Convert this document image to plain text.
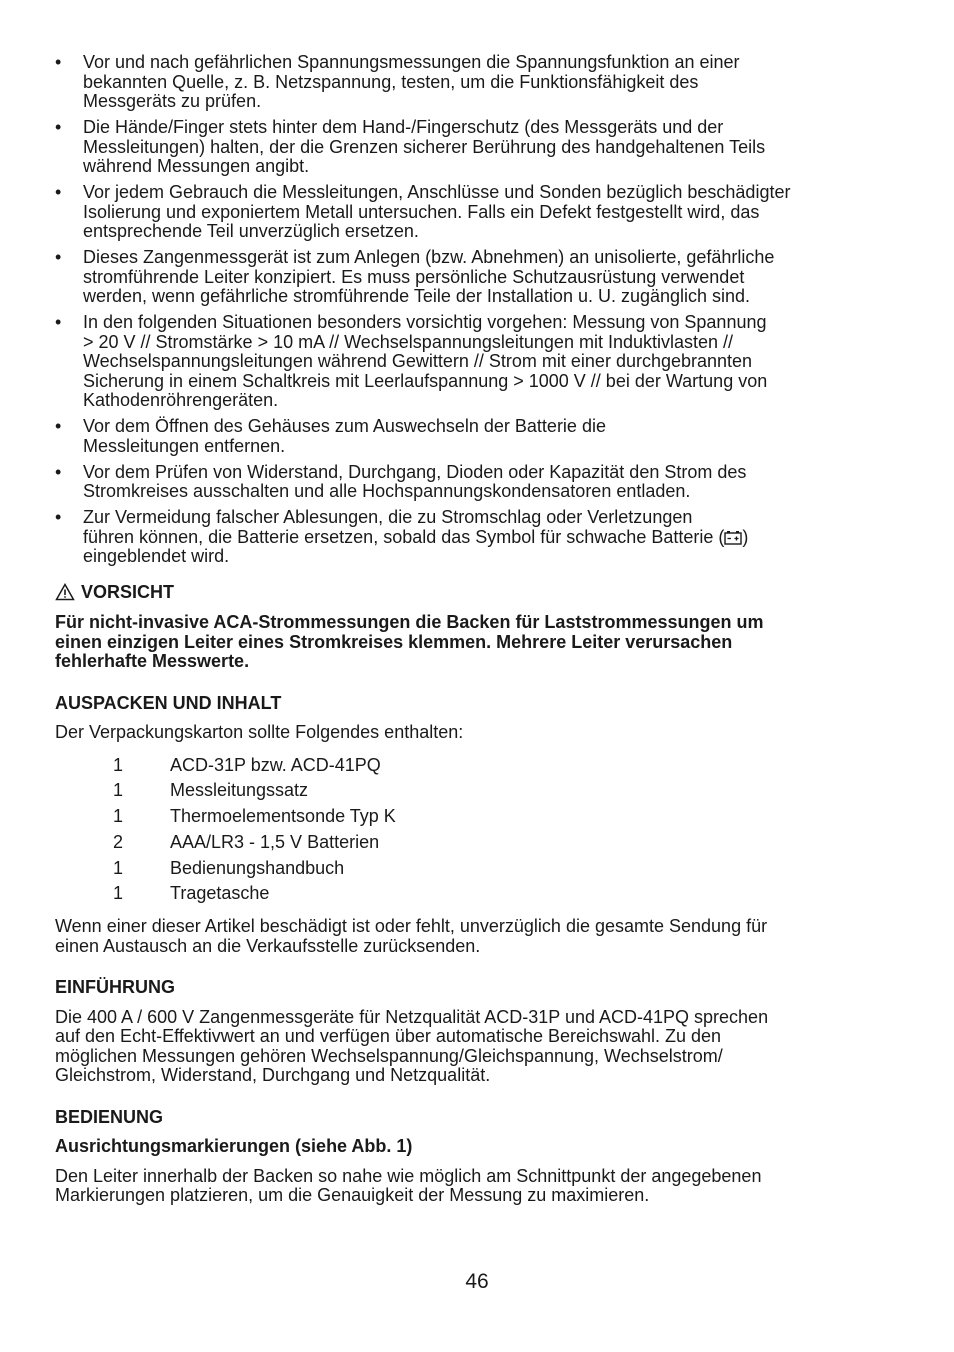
• Vor und nach gefährlichen Spannungsmessungen die Spannungsfunktion an einer
bekannten Quelle, z. B. Netzspannung, testen, um die Funktionsfähigkeit des
Messgeräts zu prüfen.
• Die Hände/Finger stets hinter dem Hand-/Fingerschutz (des Messgeräts und der
Messleitungen) halten, der die Grenzen sicherer Berührung des handgehaltenen Teils
während Messungen angibt.
• Vor jedem Gebrauch die Messleitungen, Anschlüsse und Sonden bezüglich beschädigter
Isolierung und exponiertem Metall untersuchen. Falls ein Defekt festgestellt wird, das
entsprechende Teil unverzüglich ersetzen.
• Dieses Zangenmessgerät ist zum Anlegen (bzw. Abnehmen) an unisolierte, gefährliche
stromführende Leiter konzipiert. Es muss persönliche Schutzausrüstung verwendet
werden, wenn gefährliche stromführende Teile der Installation u. U. zugänglich sind.
• In den folgenden Situationen besonders vorsichtig vorgehen: Messung von Spannung
> 20 V // Stromstärke > 10 mA // Wechselspannungsleitungen mit Induktivlasten //
Wechselspannungsleitungen während Gewittern // Strom mit einer durchgebrannten
Sicherung in einem Schaltkreis mit Leerlaufspannung > 1000 V // bei der Wartung von
Kathodenröhrengeräten.
• Vor dem Öffnen des Gehäuses zum Auswechseln der Batterie die
Messleitungen entfernen.
• Vor dem Prüfen von Widerstand, Durchgang, Dioden oder Kapazität den Strom des
Stromkreises ausschalten und alle Hochspannungskondensatoren entladen.
• Zur Vermeidung falscher Ablesungen, die zu Stromschlag oder Verletzungen
führen können, die Batterie ersetzen, sobald das Symbol für schwache Batterie ( )
eingeblendet wird.
VORSICHT
Für nicht-invasive ACA-Strommessungen die Backen für Laststrommessungen um
einen einzigen Leiter eines Stromkreises klemmen. Mehrere Leiter verursachen
fehlerhafte Messwerte.
AUSPACKEN UND INHALT

Der Verpackungskarton sollte Folgendes enthalten:

1	ACD-31P bzw. ACD-41PQ
1	Messleitungssatz
1	Thermoelementsonde Typ K
2	AAA/LR3 - 1,5 V Batterien
1	Bedienungshandbuch
1	Tragetasche

Wenn einer dieser Artikel beschädigt ist oder fehlt, unverzüglich die gesamte Sendung für
einen Austausch an die Verkaufsstelle zurücksenden.

EINFÜHRUNG

Die 400 A / 600 V Zangenmessgeräte für Netzqualität ACD-31P und ACD-41PQ sprechen
auf den Echt-Effektivwert an und verfügen über automatische Bereichswahl. Zu den
möglichen Messungen gehören Wechselspannung/Gleichspannung, Wechselstrom/
Gleichstrom, Widerstand, Durchgang und Netzqualität.

BEDIENUNG
Ausrichtungsmarkierungen (siehe Abb. 1)

Den Leiter innerhalb der Backen so nahe wie möglich am Schnittpunkt der angegebenen
Markierungen platzieren, um die Genauigkeit der Messung zu maximieren.

46
